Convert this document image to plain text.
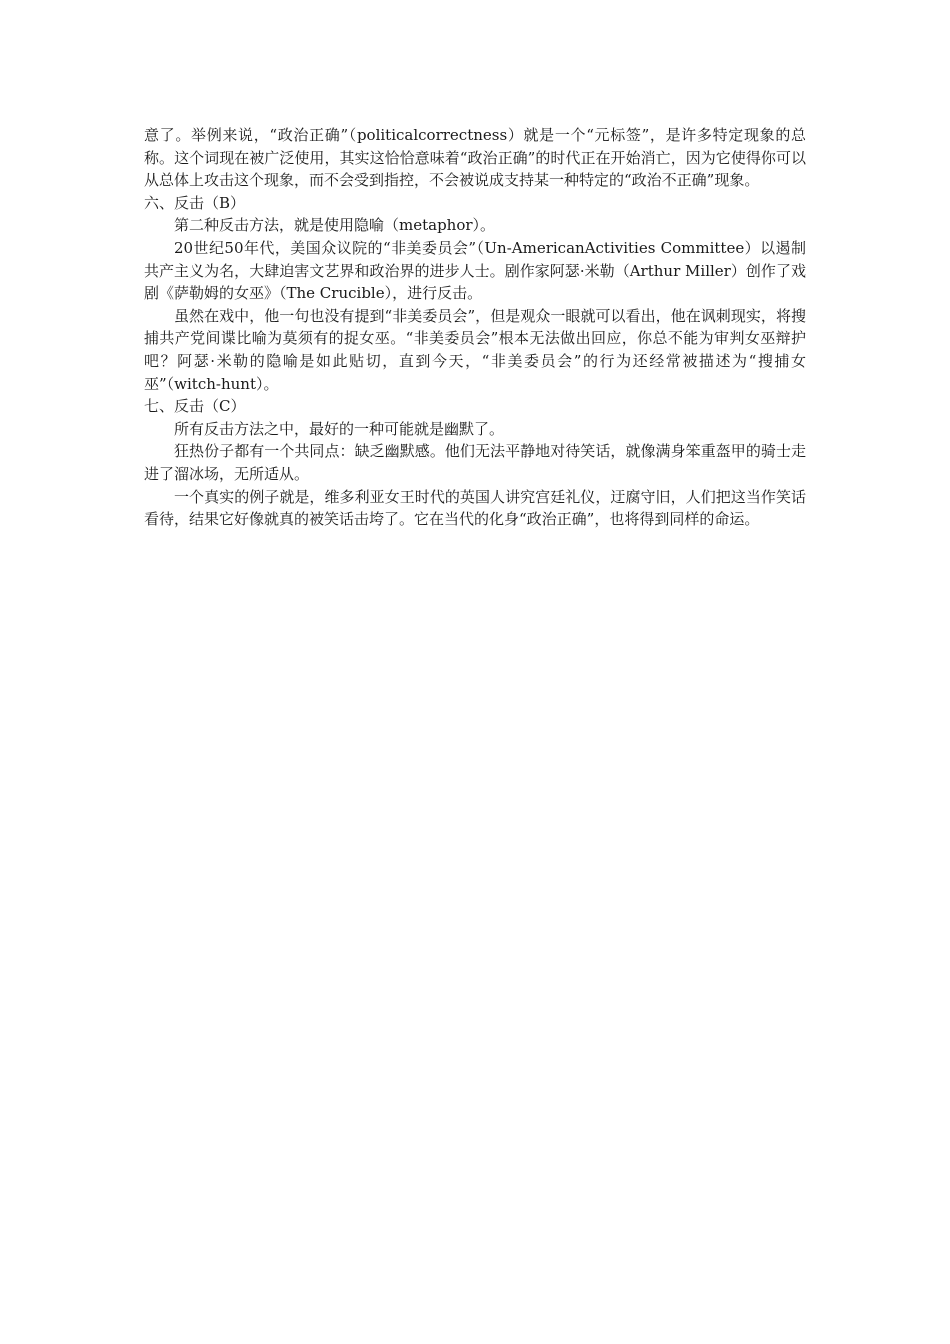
意了。举例来说，“政治正确”（politicalcorrectness）就是一个“元标签”，是许多特定现象的总称。这个词现在被广泛使用，其实这恰恰意味着“政治正确”的时代正在开始消亡，因为它使得你可以从总体上攻击这个现象，而不会受到指控，不会被说成支持某一种特定的“政治不正确”现象。

六、反击（B）

第二种反击方法，就是使用隐喻（metaphor）。

20世纪50年代，美国众议院的“非美委员会”（Un-AmericanActivities Committee）以遏制共产主义为名，大肆迫害文艺界和政治界的进步人士。剧作家阿瑟·米勒（Arthur Miller）创作了戏剧《萨勒姆的女巫》（The Crucible），进行反击。

虽然在戏中，他一句也没有提到“非美委员会”，但是观众一眼就可以看出，他在讽刺现实，将搜捕共产党间谍比喻为莫须有的捉女巫。“非美委员会”根本无法做出回应，你总不能为审判女巫辩护吧？阿瑟·米勒的隐喻是如此贴切，直到今天，“非美委员会”的行为还经常被描述为“搜捕女巫”（witch-hunt）。

七、反击（C）

所有反击方法之中，最好的一种可能就是幽默了。

狂热份子都有一个共同点：缺乏幽默感。他们无法平静地对待笑话，就像满身笨重盔甲的骑士走进了溜冰场，无所适从。

一个真实的例子就是，维多利亚女王时代的英国人讲究宫廷礼仪，迂腐守旧，人们把这当作笑话看待，结果它好像就真的被笑话击垮了。它在当代的化身“政治正确”，也将得到同样的命运。
